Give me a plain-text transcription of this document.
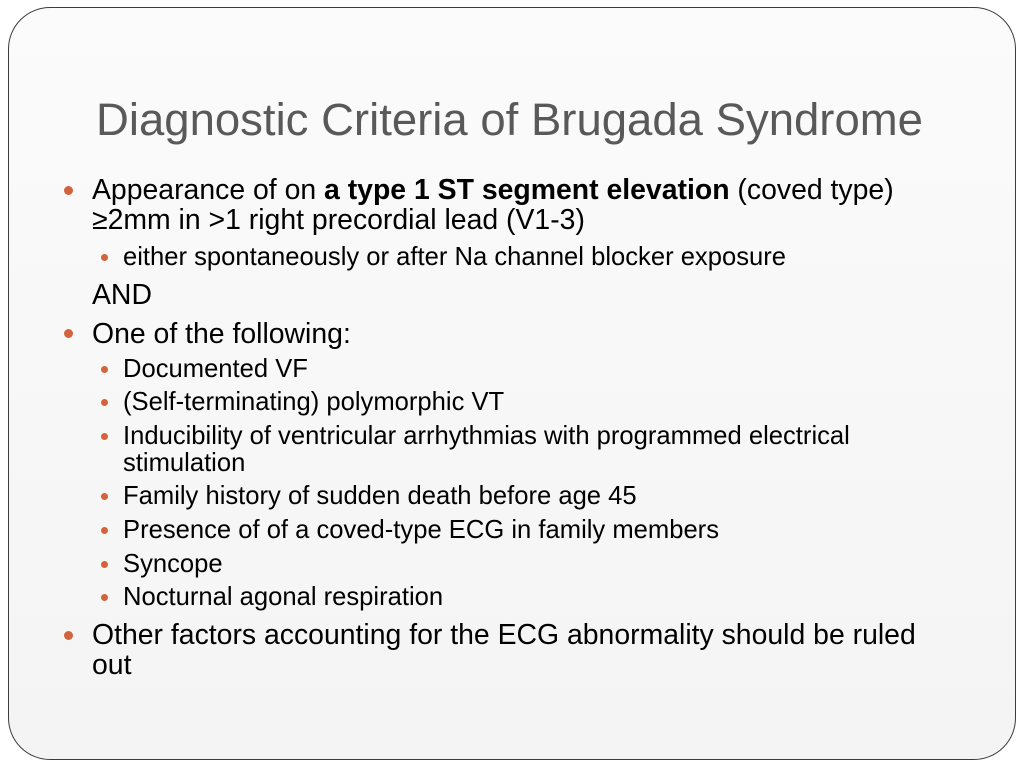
Diagnostic Criteria of Brugada Syndrome
Appearance of on a type 1 ST segment elevation (coved type) ≥2mm in >1 right precordial lead (V1-3)
either spontaneously or after Na channel blocker exposure
AND
One of the following:
Documented VF
(Self-terminating) polymorphic VT
Inducibility of ventricular arrhythmias with programmed electrical stimulation
Family history of sudden death before age 45
Presence of of a coved-type ECG in family members
Syncope
Nocturnal agonal respiration
Other factors accounting for the ECG abnormality should be ruled out
